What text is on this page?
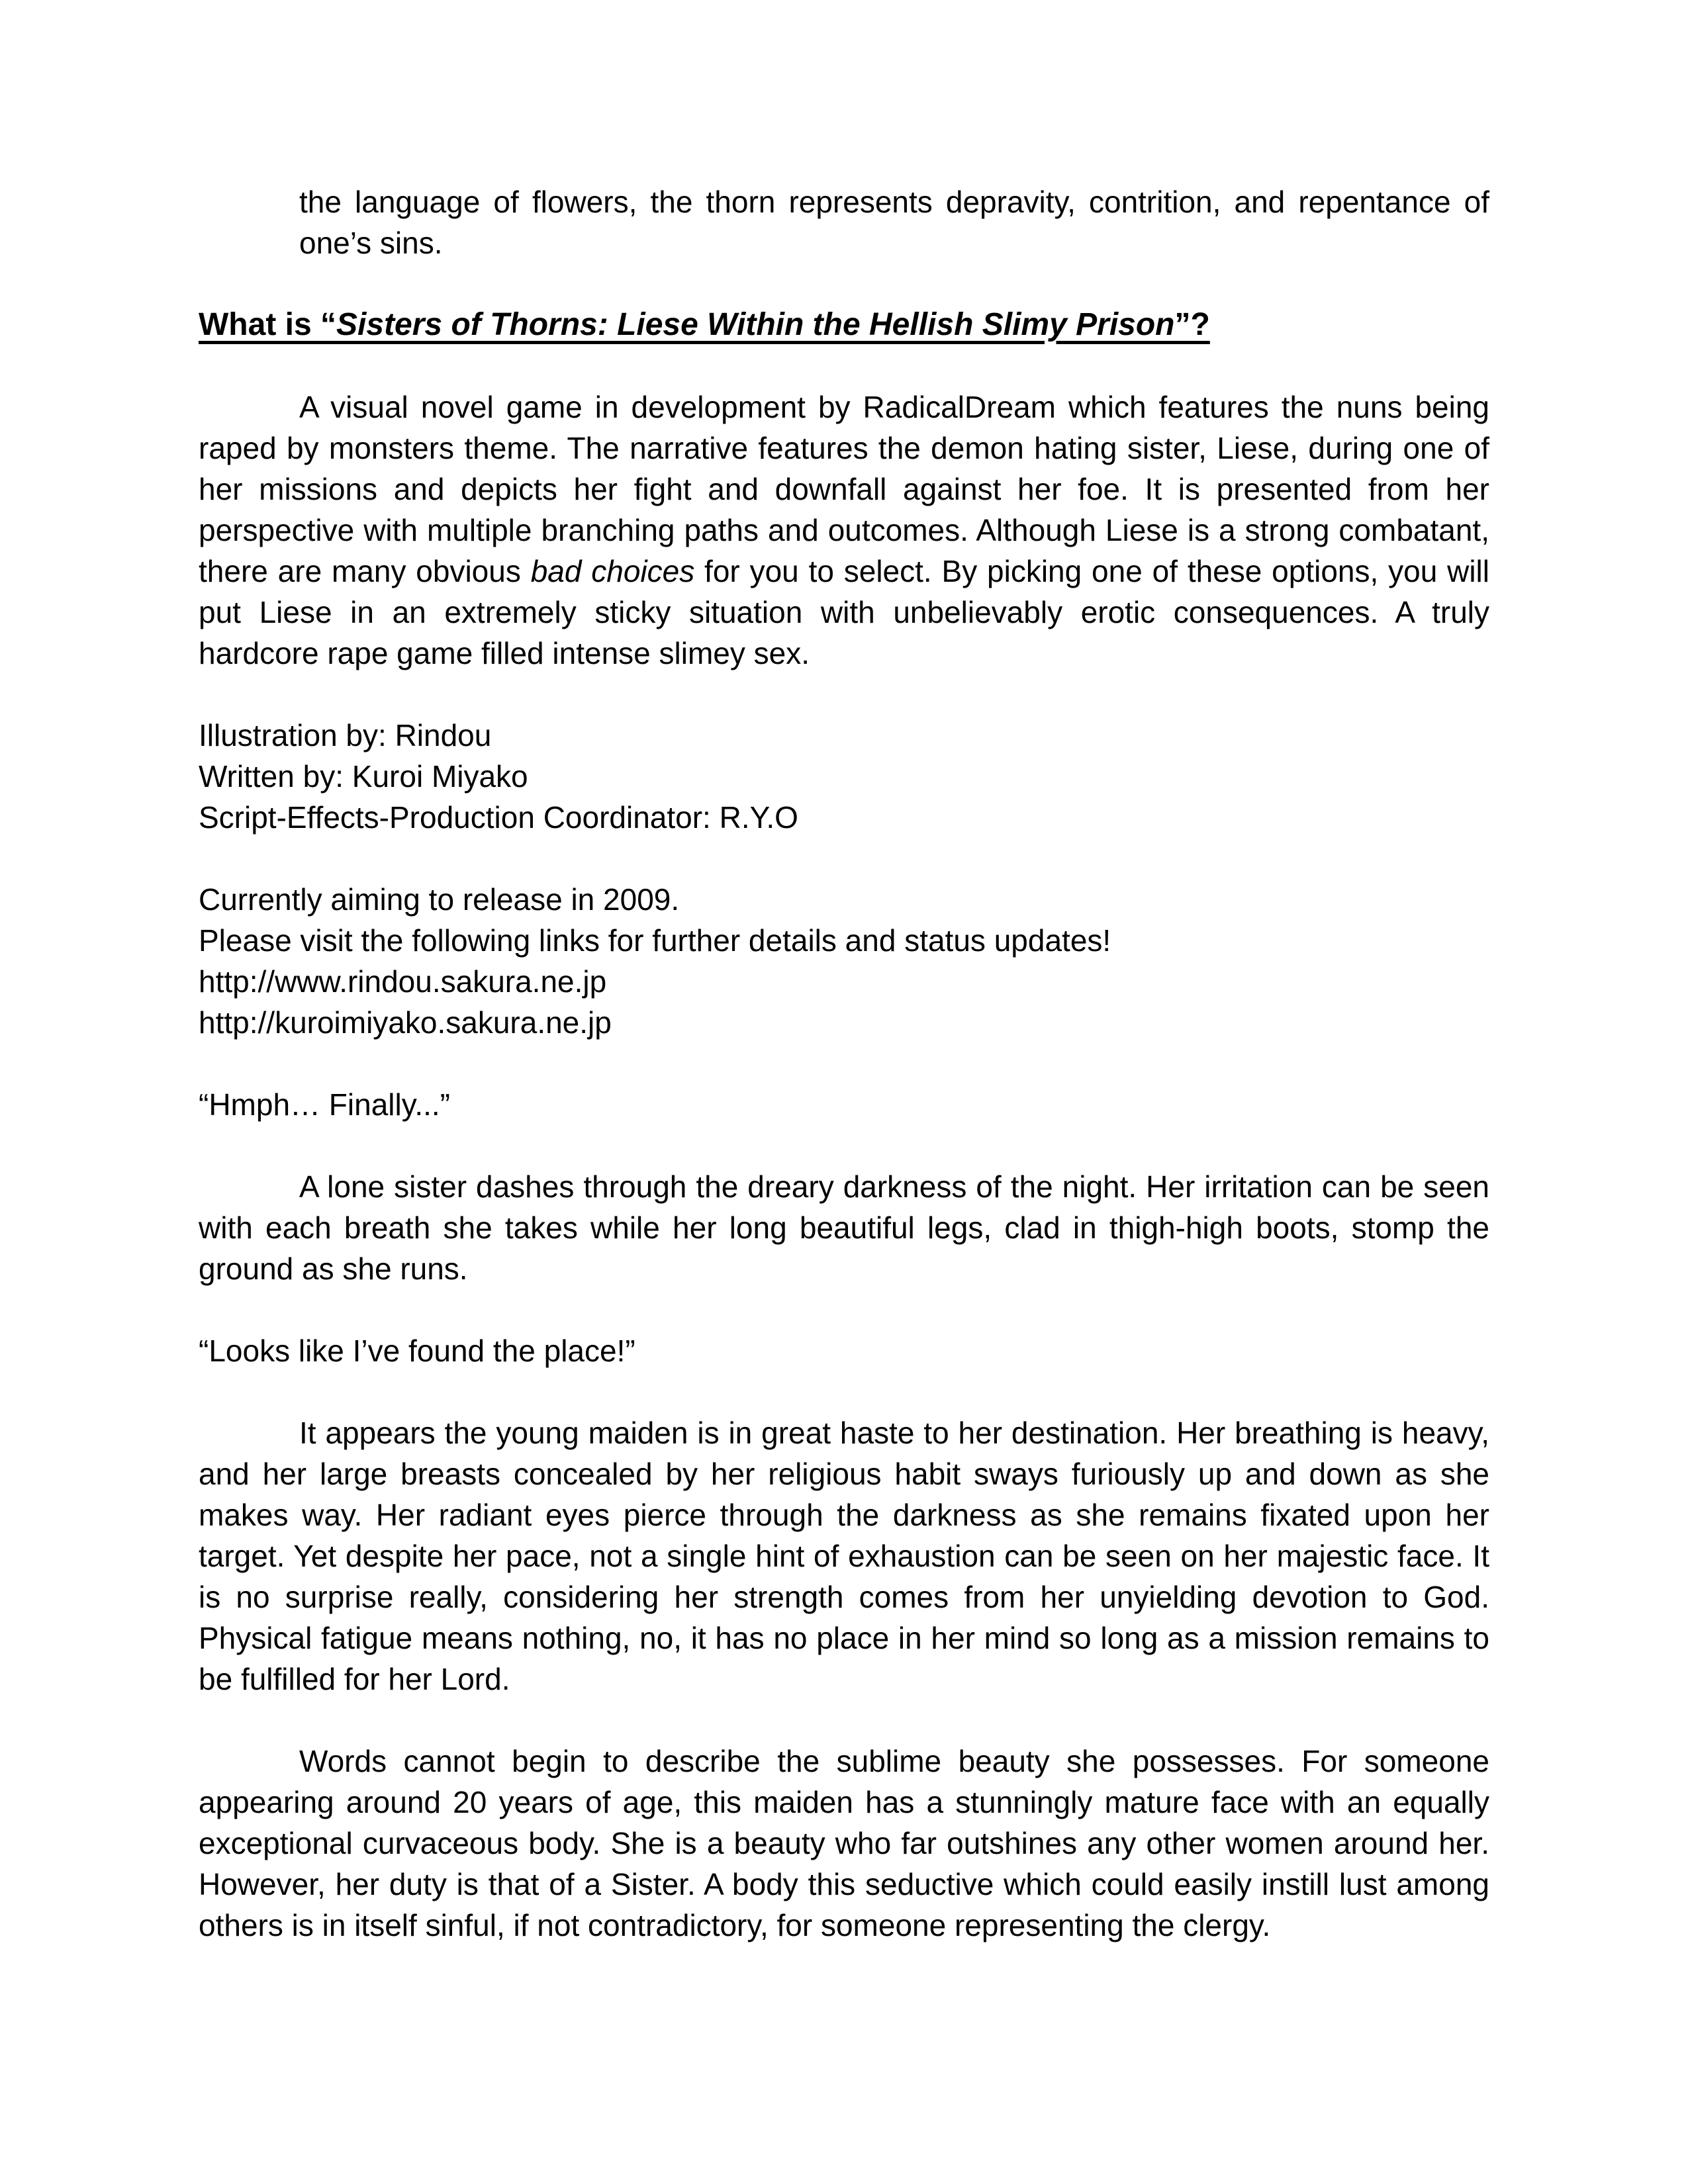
the language of flowers, the thorn represents depravity, contrition, and repentance of one’s sins.

What is “Sisters of Thorns: Liese Within the Hellish Slimy Prison”?

A visual novel game in development by RadicalDream which features the nuns being raped by monsters theme. The narrative features the demon hating sister, Liese, during one of her missions and depicts her fight and downfall against her foe. It is presented from her perspective with multiple branching paths and outcomes. Although Liese is a strong combatant, there are many obvious bad choices for you to select. By picking one of these options, you will put Liese in an extremely sticky situation with unbelievably erotic consequences. A truly hardcore rape game filled intense slimey sex.

Illustration by: Rindou

Written by: Kuroi Miyako

Script-Effects-Production Coordinator: R.Y.O

Currently aiming to release in 2009.

Please visit the following links for further details and status updates!

http://www.rindou.sakura.ne.jp

http://kuroimiyako.sakura.ne.jp

“Hmph… Finally...”

A lone sister dashes through the dreary darkness of the night. Her irritation can be seen with each breath she takes while her long beautiful legs, clad in thigh-high boots, stomp the ground as she runs.

“Looks like I’ve found the place!”

It appears the young maiden is in great haste to her destination. Her breathing is heavy, and her large breasts concealed by her religious habit sways furiously up and down as she makes way. Her radiant eyes pierce through the darkness as she remains fixated upon her target. Yet despite her pace, not a single hint of exhaustion can be seen on her majestic face. It is no surprise really, considering her strength comes from her unyielding devotion to God. Physical fatigue means nothing, no, it has no place in her mind so long as a mission remains to be fulfilled for her Lord.

Words cannot begin to describe the sublime beauty she possesses. For someone appearing around 20 years of age, this maiden has a stunningly mature face with an equally exceptional curvaceous body. She is a beauty who far outshines any other women around her. However, her duty is that of a Sister. A body this seductive which could easily instill lust among others is in itself sinful, if not contradictory, for someone representing the clergy.
